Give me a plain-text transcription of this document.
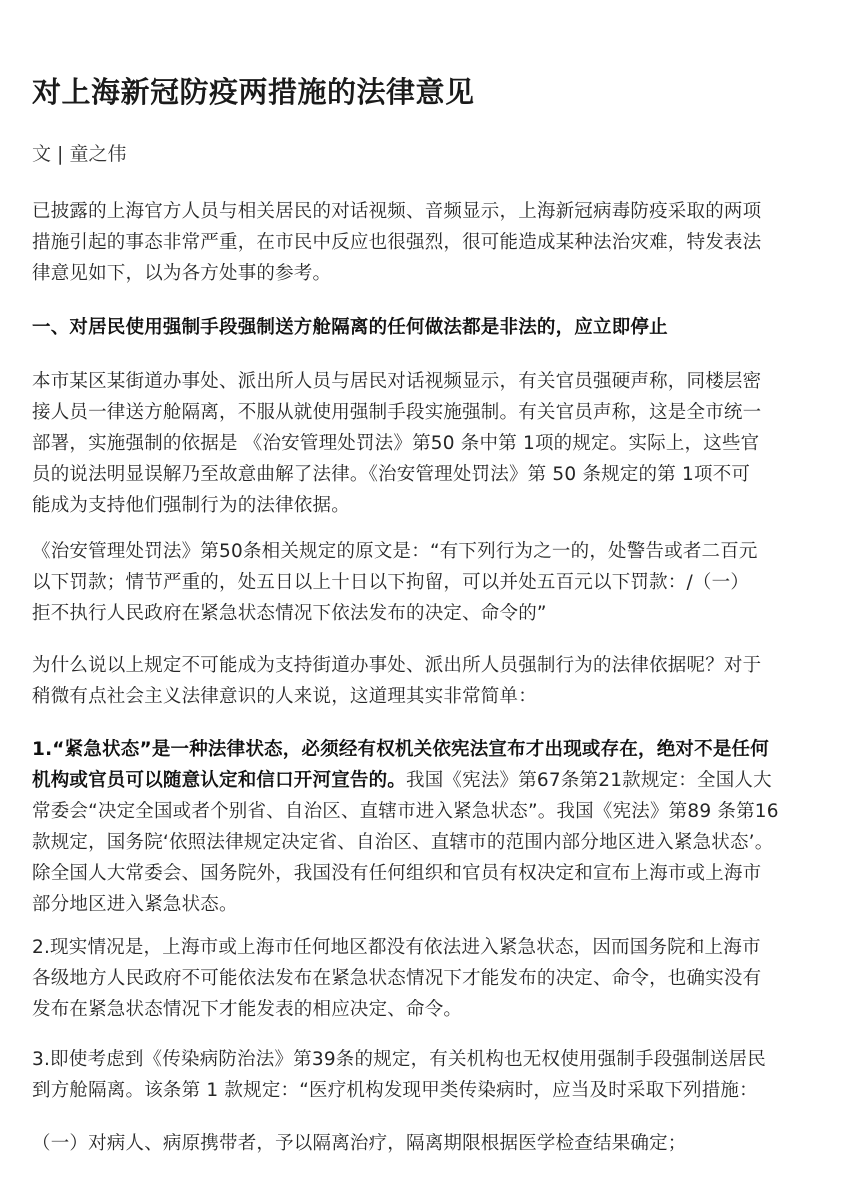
对上海新冠防疫两措施的法律意见
文 | 童之伟
已披露的上海官方人员与相关居民的对话视频、音频显示，上海新冠病毒防疫采取的两项
措施引起的事态非常严重，在市民中反应也很强烈，很可能造成某种法治灾难，特发表法
律意见如下，以为各方处事的参考。
一、对居民使用强制手段强制送方舱隔离的任何做法都是非法的，应立即停止
本市某区某街道办事处、派出所人员与居民对话视频显示，有关官员强硬声称，同楼层密
接人员一律送方舱隔离，不服从就使用强制手段实施强制。有关官员声称，这是全市统一
部署，实施强制的依据是 《治安管理处罚法》第50 条中第 1项的规定。实际上，这些官
员的说法明显误解乃至故意曲解了法律。《治安管理处罚法》第 50 条规定的第 1项不可
能成为支持他们强制行为的法律依据。
《治安管理处罚法》第50条相关规定的原文是：“有下列行为之一的，处警告或者二百元
以下罚款；情节严重的，处五日以上十日以下拘留，可以并处五百元以下罚款：/（一）
拒不执行人民政府在紧急状态情况下依法发布的决定、命令的”
为什么说以上规定不可能成为支持街道办事处、派出所人员强制行为的法律依据呢？对于
稍微有点社会主义法律意识的人来说，这道理其实非常简单：
1.“紧急状态”是一种法律状态，必须经有权机关依宪法宣布才出现或存在，绝对不是任何
机构或官员可以随意认定和信口开河宣告的。我国《宪法》第67条第21款规定：全国人大
常委会“决定全国或者个别省、自治区、直辖市进入紧急状态”。我国《宪法》第89 条第16
款规定，国务院‘依照法律规定决定省、自治区、直辖市的范围内部分地区进入紧急状态’。
除全国人大常委会、国务院外，我国没有任何组织和官员有权决定和宣布上海市或上海市
部分地区进入紧急状态。
2.现实情况是，上海市或上海市任何地区都没有依法进入紧急状态，因而国务院和上海市
各级地方人民政府不可能依法发布在紧急状态情况下才能发布的决定、命令，也确实没有
发布在紧急状态情况下才能发表的相应决定、命令。
3.即使考虑到《传染病防治法》第39条的规定，有关机构也无权使用强制手段强制送居民
到方舱隔离。该条第 1 款规定：“医疗机构发现甲类传染病时，应当及时采取下列措施：
（一）对病人、病原携带者，予以隔离治疗，隔离期限根据医学检查结果确定；
